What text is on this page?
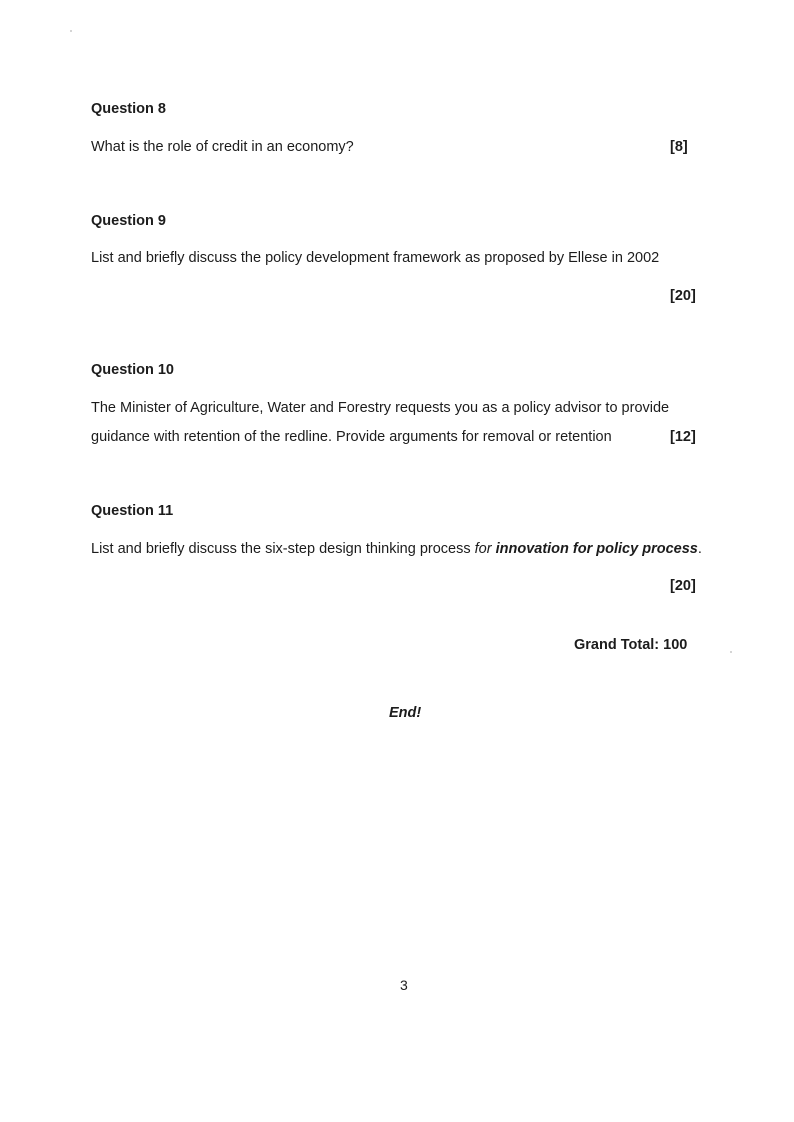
Question 8
What is the role of credit in an economy?	[8]
Question 9
List and briefly discuss the policy development framework as proposed by Ellese in 2002
[20]
Question 10
The Minister of Agriculture, Water and Forestry requests you as a policy advisor to provide
guidance with retention of the redline. Provide arguments for removal or retention	[12]
Question 11
List and briefly discuss the six-step design thinking process for innovation for policy process.
[20]
Grand Total: 100
End!
3
